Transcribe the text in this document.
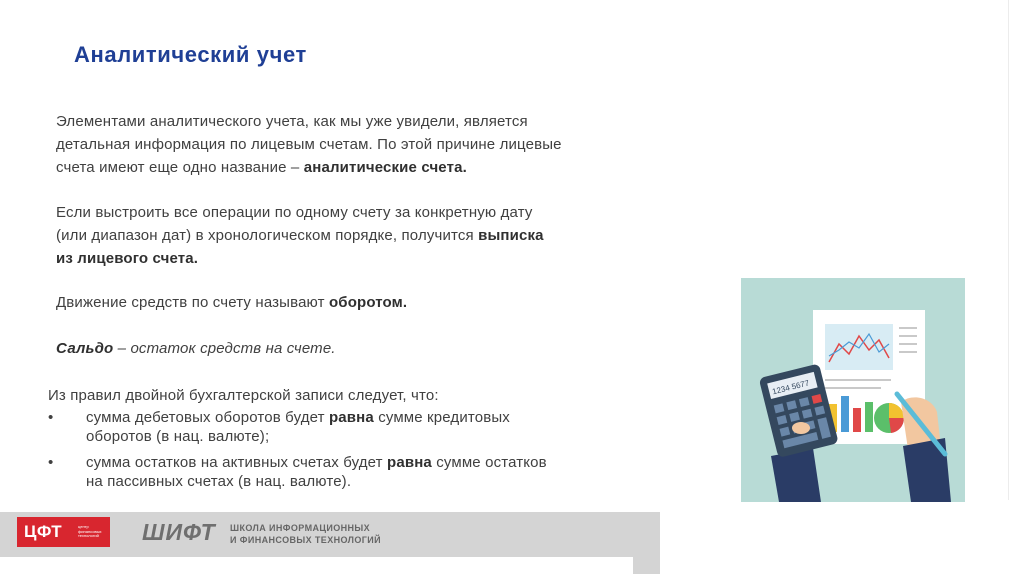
Аналитический учет
Элементами аналитического учета, как мы уже увидели, является
детальная информация по лицевым счетам. По этой причине лицевые
счета имеют еще одно название – аналитические счета.
Если выстроить все операции по одному счету за конкретную дату
(или диапазон дат) в хронологическом порядке, получится выписка
из лицевого счета.
Движение средств по счету называют оборотом.
Сальдо – остаток средств на счете.
Из правил двойной бухгалтерской записи следует, что:
• сумма дебетовых оборотов будет равна сумме кредитовых
оборотов (в нац. валюте);
• сумма остатков на активных счетах будет равна сумме остатков
на пассивных счетах (в нац. валюте).
1234 5677
ЦФТ	центр финансовых технологий	ШИФТ ШКОЛА ИНФОРМАЦИОННЫХ
И ФИНАНСОВЫХ ТЕХНОЛОГИЙ
